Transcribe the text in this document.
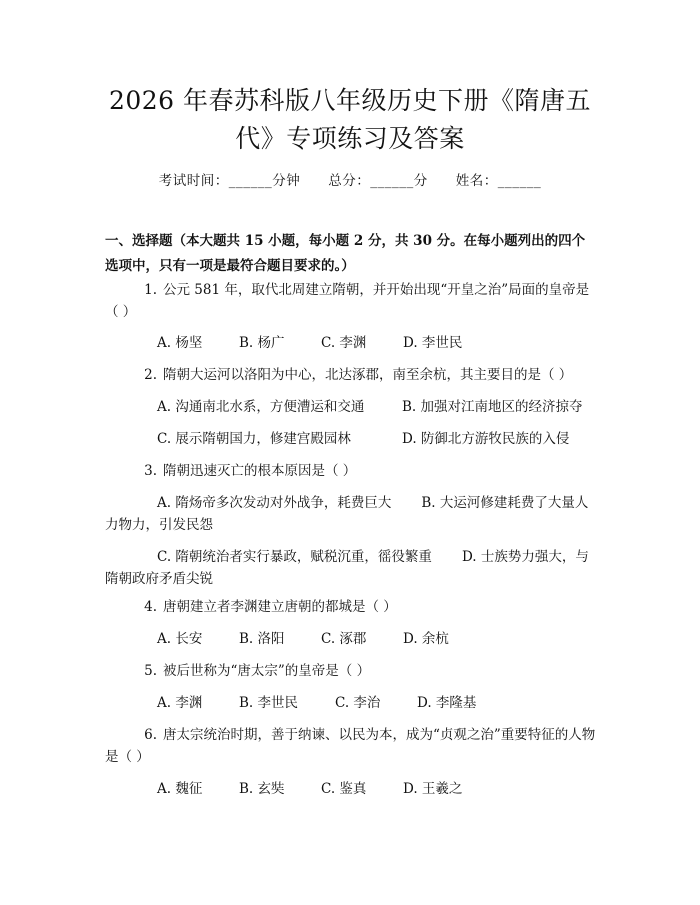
2026 年春苏科版八年级历史下册《隋唐五
代》专项练习及答案
考试时间：______分钟 总分：______分 姓名：______
一、选择题（本大题共 15 小题，每小题 2 分，共 30 分。在每小题列出的四个选项中，只有一项是最符合题目要求的。）
1. 公元 581 年，取代北周建立隋朝，并开始出现“开皇之治”局面的皇帝是（ ）
A. 杨坚	B. 杨广	C. 李渊	D. 李世民
2. 隋朝大运河以洛阳为中心，北达涿郡，南至余杭，其主要目的是（ ）
A. 沟通南北水系，方便漕运和交通	B. 加强对江南地区的经济掠夺
C. 展示隋朝国力，修建宫殿园林	D. 防御北方游牧民族的入侵
3. 隋朝迅速灭亡的根本原因是（ ）
A. 隋炀帝多次发动对外战争，耗费巨大 B. 大运河修建耗费了大量人力物力，引发民怨
C. 隋朝统治者实行暴政，赋税沉重，徭役繁重 D. 士族势力强大，与隋朝政府矛盾尖锐
4. 唐朝建立者李渊建立唐朝的都城是（ ）
A. 长安	B. 洛阳	C. 涿郡	D. 余杭
5. 被后世称为“唐太宗”的皇帝是（ ）
A. 李渊	B. 李世民	C. 李治	D. 李隆基
6. 唐太宗统治时期，善于纳谏、以民为本，成为“贞观之治”重要特征的人物是（ ）
A. 魏征	B. 玄奘	C. 鉴真	D. 王羲之
